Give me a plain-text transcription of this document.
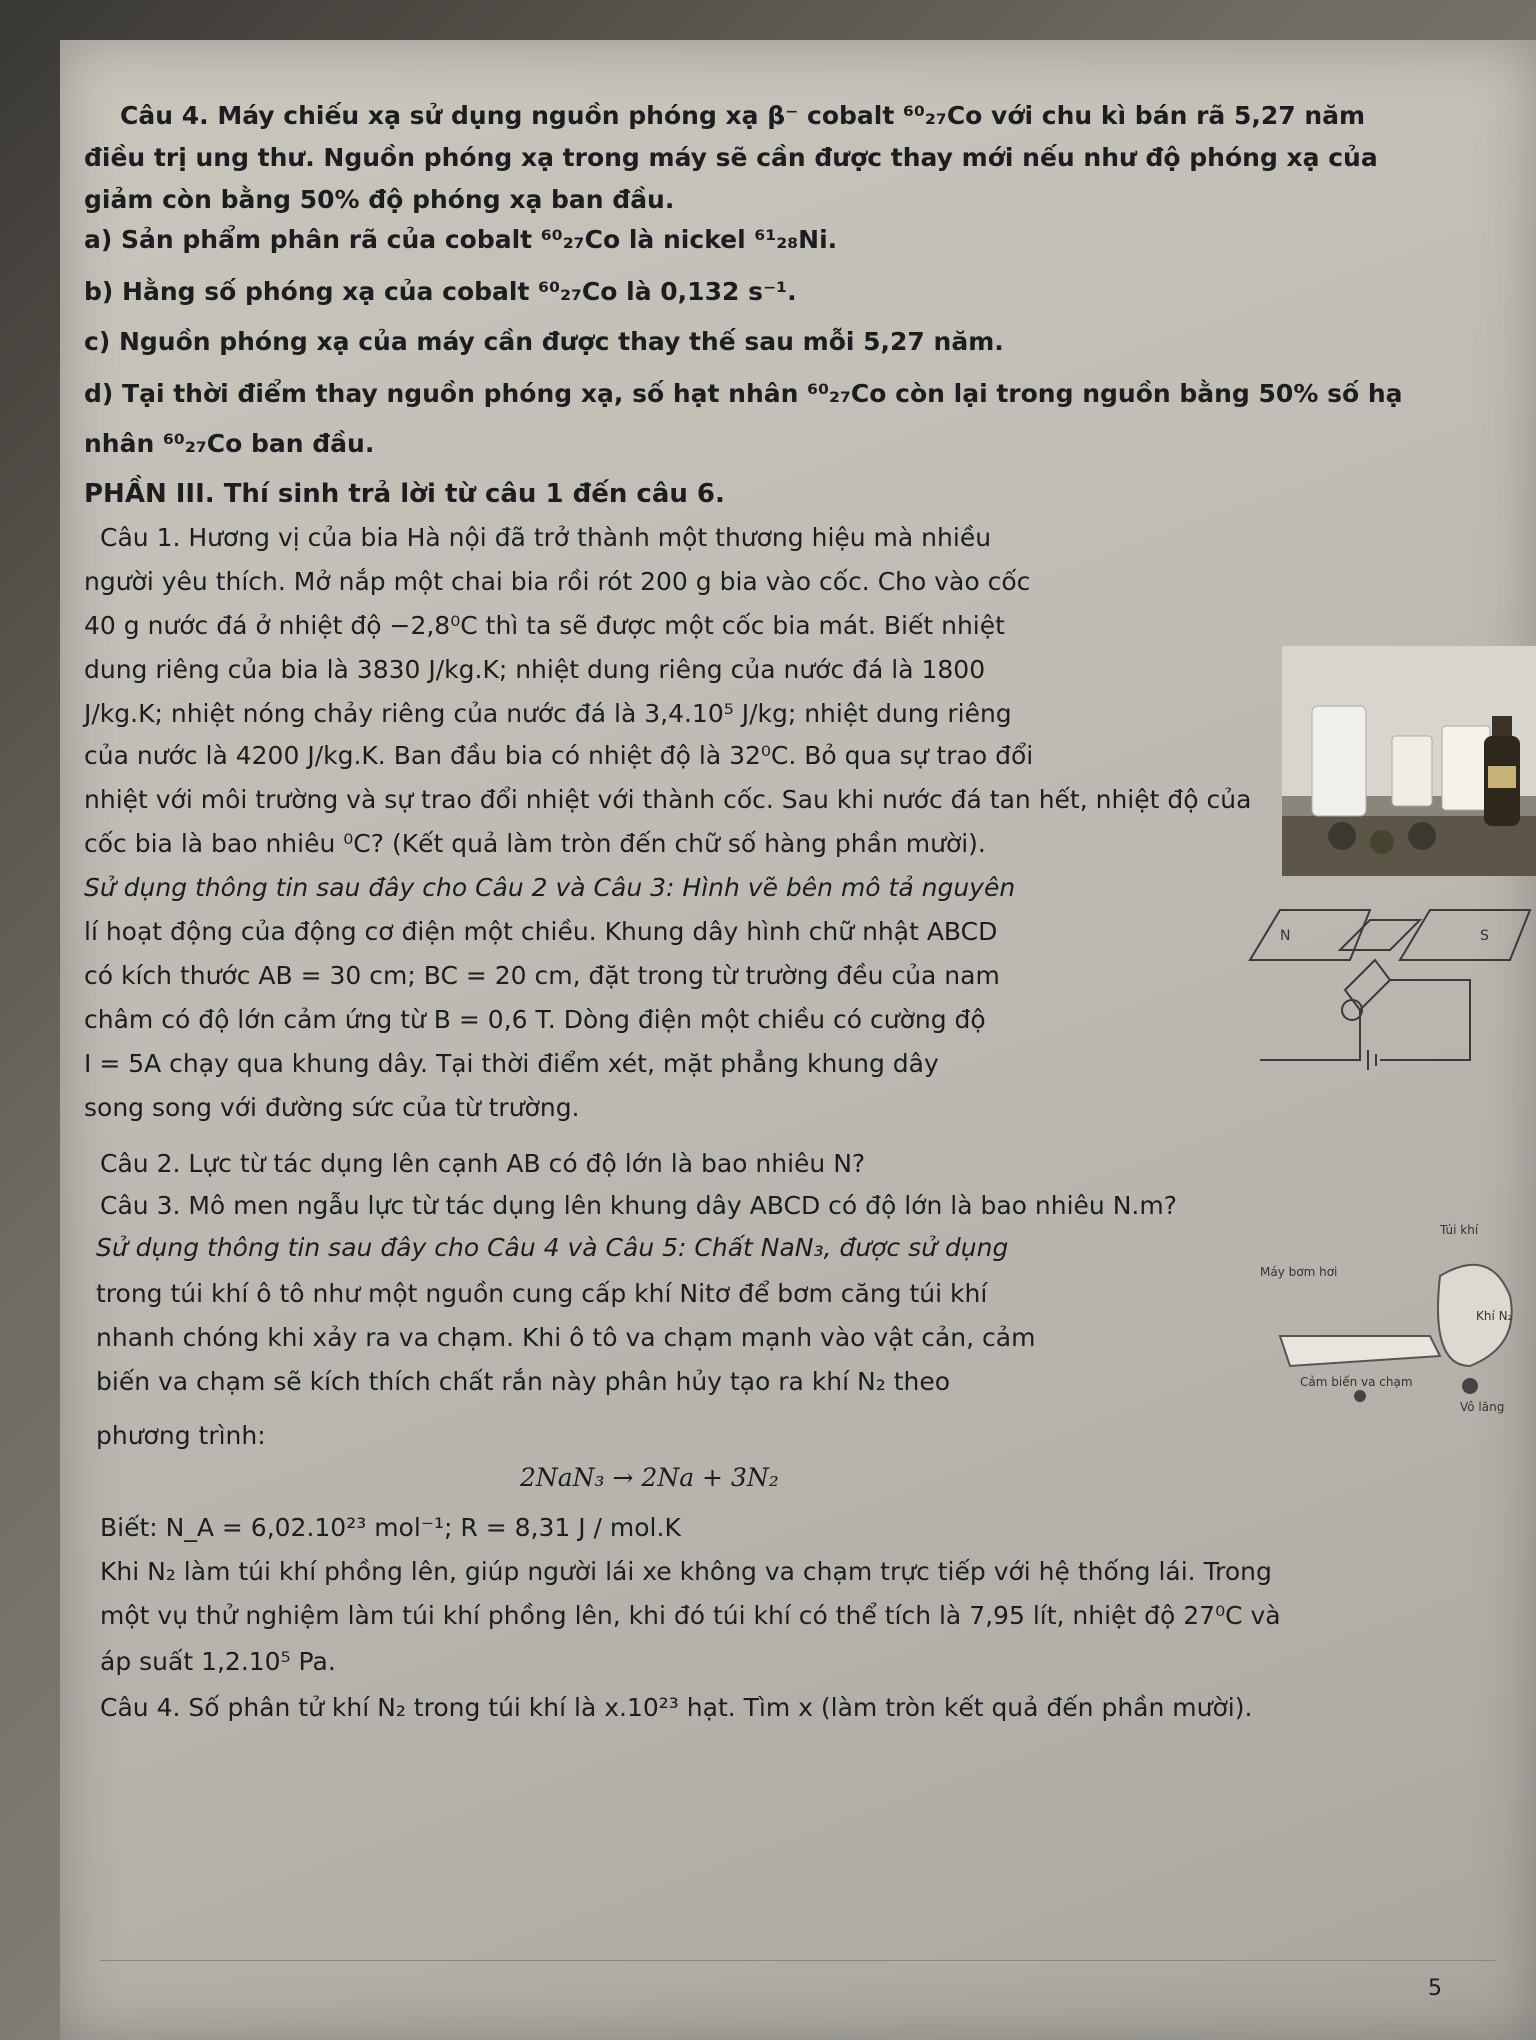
Câu 4. Máy chiếu xạ sử dụng nguồn phóng xạ β⁻ cobalt ⁶⁰₂₇Co với chu kì bán rã 5,27 năm
điều trị ung thư. Nguồn phóng xạ trong máy sẽ cần được thay mới nếu như độ phóng xạ của
giảm còn bằng 50% độ phóng xạ ban đầu.
a) Sản phẩm phân rã của cobalt ⁶⁰₂₇Co là nickel ⁶¹₂₈Ni.
b) Hằng số phóng xạ của cobalt ⁶⁰₂₇Co là 0,132 s⁻¹.
c) Nguồn phóng xạ của máy cần được thay thế sau mỗi 5,27 năm.
d) Tại thời điểm thay nguồn phóng xạ, số hạt nhân ⁶⁰₂₇Co còn lại trong nguồn bằng 50% số hạ
nhân ⁶⁰₂₇Co ban đầu.
PHẦN III. Thí sinh trả lời từ câu 1 đến câu 6.
Câu 1. Hương vị của bia Hà nội đã trở thành một thương hiệu mà nhiều
người yêu thích. Mở nắp một chai bia rồi rót 200 g bia vào cốc. Cho vào cốc
40 g nước đá ở nhiệt độ −2,8⁰C thì ta sẽ được một cốc bia mát. Biết nhiệt
dung riêng của bia là 3830 J/kg.K; nhiệt dung riêng của nước đá là 1800
J/kg.K; nhiệt nóng chảy riêng của nước đá là 3,4.10⁵ J/kg; nhiệt dung riêng
của nước là 4200 J/kg.K. Ban đầu bia có nhiệt độ là 32⁰C. Bỏ qua sự trao đổi
nhiệt với môi trường và sự trao đổi nhiệt với thành cốc. Sau khi nước đá tan hết, nhiệt độ của
cốc bia là bao nhiêu ⁰C? (Kết quả làm tròn đến chữ số hàng phần mười).
Sử dụng thông tin sau đây cho Câu 2 và Câu 3: Hình vẽ bên mô tả nguyên
lí hoạt động của động cơ điện một chiều. Khung dây hình chữ nhật ABCD
có kích thước AB = 30 cm; BC = 20 cm, đặt trong từ trường đều của nam
châm có độ lớn cảm ứng từ B = 0,6 T. Dòng điện một chiều có cường độ
I = 5A chạy qua khung dây. Tại thời điểm xét, mặt phẳng khung dây
song song với đường sức của từ trường.
N	S
Câu 2. Lực từ tác dụng lên cạnh AB có độ lớn là bao nhiêu N?
Câu 3. Mô men ngẫu lực từ tác dụng lên khung dây ABCD có độ lớn là bao nhiêu N.m?
Sử dụng thông tin sau đây cho Câu 4 và Câu 5: Chất NaN₃, được sử dụng
trong túi khí ô tô như một nguồn cung cấp khí Nitơ để bơm căng túi khí
nhanh chóng khi xảy ra va chạm. Khi ô tô va chạm mạnh vào vật cản, cảm
biến va chạm sẽ kích thích chất rắn này phân hủy tạo ra khí N₂ theo
phương trình:
2NaN₃ → 2Na + 3N₂
Biết: N_A = 6,02.10²³ mol⁻¹; R = 8,31 J / mol.K
Khi N₂ làm túi khí phồng lên, giúp người lái xe không va chạm trực tiếp với hệ thống lái. Trong
một vụ thử nghiệm làm túi khí phồng lên, khi đó túi khí có thể tích là 7,95 lít, nhiệt độ 27⁰C và
áp suất 1,2.10⁵ Pa.
Túi khí
Máy bơm hơi
Khí N₂
Cảm biến va chạm
Vô lăng
Câu 4. Số phân tử khí N₂ trong túi khí là x.10²³ hạt. Tìm x (làm tròn kết quả đến phần mười).
5
